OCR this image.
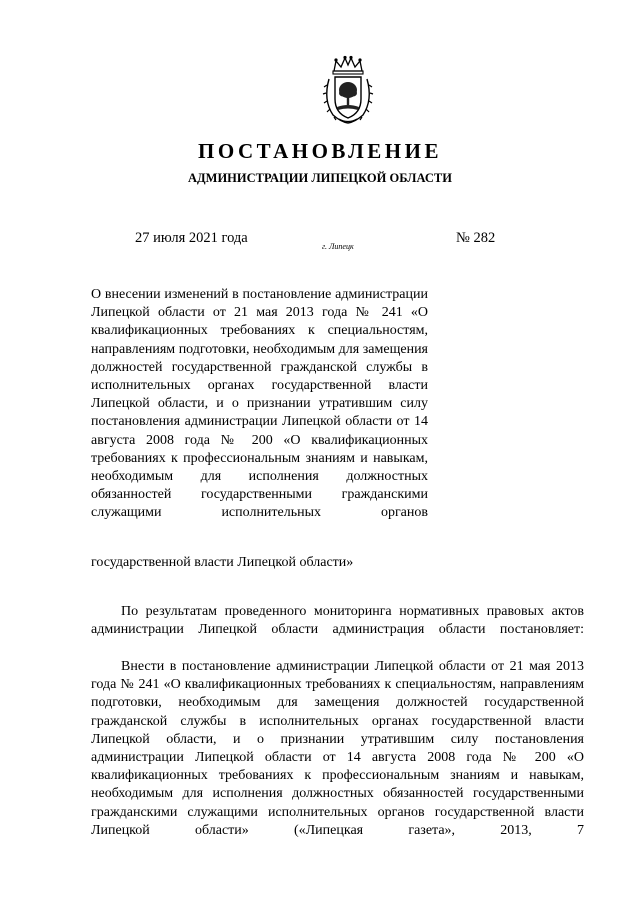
ПОСТАНОВЛЕНИЕ
АДМИНИСТРАЦИИ ЛИПЕЦКОЙ ОБЛАСТИ
27 июля 2021 года
г. Липецк
№ 282

О внесении изменений в постановление администрации Липецкой области от 21 мая 2013 года № 241 «О квалификационных требованиях к специальностям, направлениям подготовки, необходимым для замещения должностей государственной гражданской службы в исполнительных органах государственной власти Липецкой области, и о признании утратившим силу постановления администрации Липецкой области от 14 августа 2008 года № 200 «О квалификационных требованиях к профессиональным знаниям и навыкам, необходимым для исполнения должностных обязанностей государственными гражданскими служащими исполнительных органов

государственной власти Липецкой области»

По результатам проведенного мониторинга нормативных правовых актов администрации Липецкой области администрация области постановляет:

Внести в постановление администрации Липецкой области от 21 мая 2013 года № 241 «О квалификационных требованиях к специальностям, направлениям подготовки, необходимым для замещения должностей государственной гражданской службы в исполнительных органах государственной власти Липецкой области, и о признании утратившим силу постановления администрации Липецкой области от 14 августа 2008 года № 200 «О квалификационных требованиях к профессиональным знаниям и навыкам, необходимым для исполнения должностных обязанностей государственными гражданскими служащими исполнительных органов государственной власти Липецкой области» («Липецкая газета», 2013, 7
